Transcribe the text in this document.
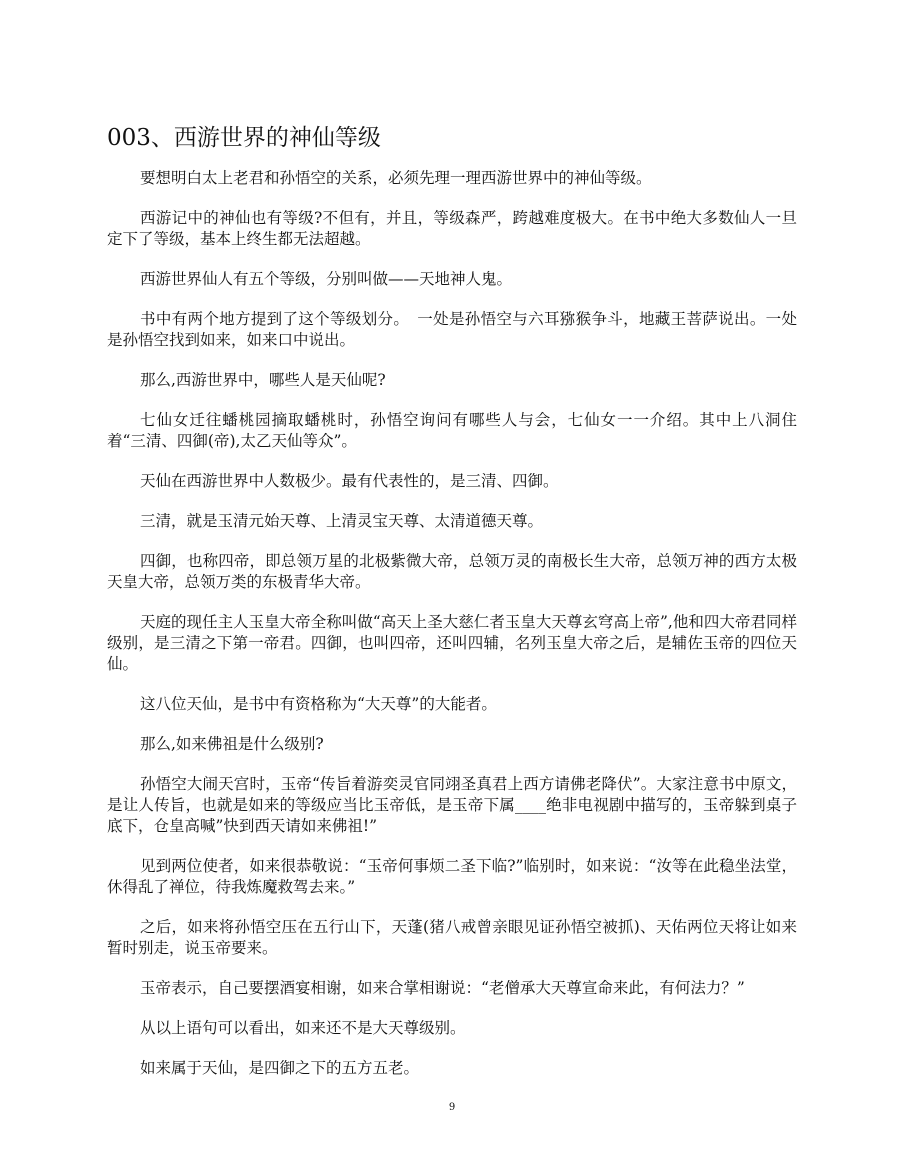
003、西游世界的神仙等级

要想明白太上老君和孙悟空的关系，必须先理一理西游世界中的神仙等级。

西游记中的神仙也有等级?不但有，并且，等级森严，跨越难度极大。在书中绝大多数仙人一旦定下了等级，基本上终生都无法超越。

西游世界仙人有五个等级，分别叫做——天地神人鬼。

书中有两个地方提到了这个等级划分。　一处是孙悟空与六耳猕猴争斗，地藏王菩萨说出。一处是孙悟空找到如来，如来口中说出。

那么,西游世界中，哪些人是天仙呢?

七仙女迁往蟠桃园摘取蟠桃时，孙悟空询问有哪些人与会，七仙女一一介绍。其中上八洞住着“三清、四御(帝),太乙天仙等众”。

天仙在西游世界中人数极少。最有代表性的，是三清、四御。

三清，就是玉清元始天尊、上清灵宝天尊、太清道德天尊。

四御，也称四帝，即总领万星的北极紫微大帝，总领万灵的南极长生大帝，总领万神的西方太极天皇大帝，总领万类的东极青华大帝。

天庭的现任主人玉皇大帝全称叫做“高天上圣大慈仁者玉皇大天尊玄穹高上帝”,他和四大帝君同样级别，是三清之下第一帝君。四御，也叫四帝，还叫四辅，名列玉皇大帝之后，是辅佐玉帝的四位天仙。

这八位天仙，是书中有资格称为“大天尊”的大能者。

那么,如来佛祖是什么级别?

孙悟空大闹天宫时，玉帝“传旨着游奕灵官同翊圣真君上西方请佛老降伏”。大家注意书中原文，是让人传旨，也就是如来的等级应当比玉帝低，是玉帝下属____绝非电视剧中描写的，玉帝躲到桌子底下，仓皇高喊”快到西天请如来佛祖!”

见到两位使者，如来很恭敬说：“玉帝何事烦二圣下临?”临别时，如来说：“汝等在此稳坐法堂，休得乱了禅位，待我炼魔救驾去来。”

之后，如来将孙悟空压在五行山下，天蓬(猪八戒曾亲眼见证孙悟空被抓)、天佑两位天将让如来暂时别走，说玉帝要来。

玉帝表示，自己要摆酒宴相谢，如来合掌相谢说：“老僧承大天尊宣命来此，有何法力？”

从以上语句可以看出，如来还不是大天尊级别。

如来属于天仙，是四御之下的五方五老。

9
